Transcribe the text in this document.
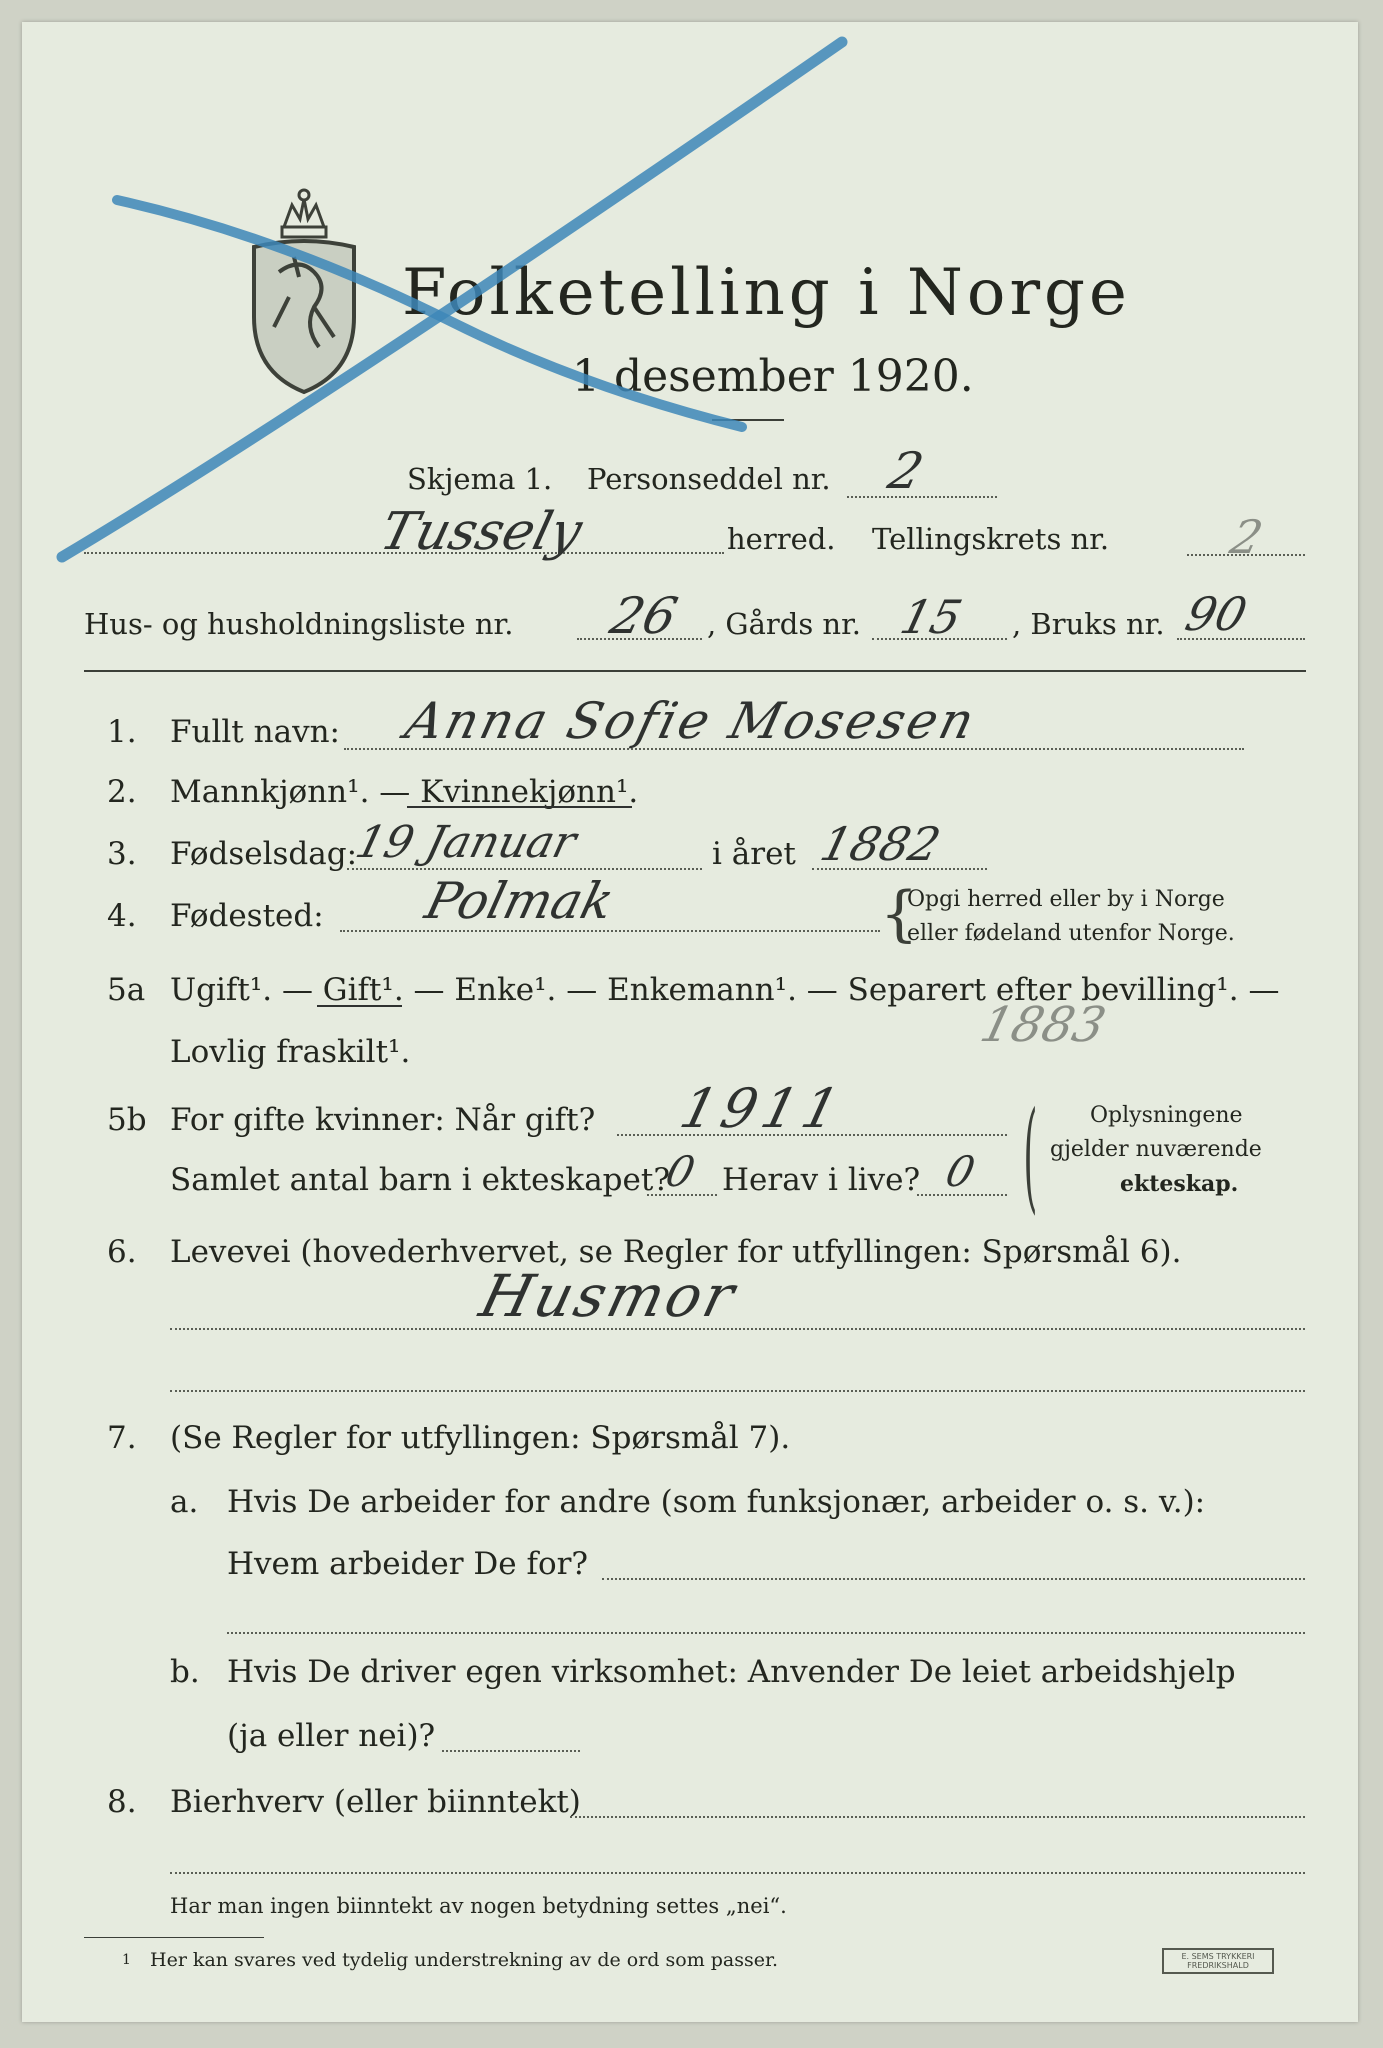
Folketelling i Norge
1 desember 1920.
Skjema 1. Personseddel nr. 2
Tussely	herred. Tellingskrets nr.	2
Hus- og husholdningsliste nr. 26 , Gårds nr. 15 , Bruks nr. 90
1.	Fullt navn: Anna Sofie Mosesen
2.	Mannkjønn¹. — Kvinnekjønn¹.
3.	Fødselsdag:
19 Januar	i året 1882
4.	Fødested: Polmak	{
Opgi herred eller by i Norge
eller fødeland utenfor Norge.
5a Ugift¹. — Gift¹. — Enke¹. — Enkemann¹. — Separert efter bevilling¹. —
Lovlig fraskilt¹.	1883
5b For gifte kvinner: Når gift? 1911
Samlet antal barn i ekteskapet?
0 Herav i live? 0 ( Oplysningene
gjelder nuværende
ekteskap.
6.	Levevei (hovederhvervet, se Regler for utfyllingen: Spørsmål 6).
Husmor
7.	(Se Regler for utfyllingen: Spørsmål 7).
a. Hvis De arbeider for andre (som funksjonær, arbeider o. s. v.):
Hvem arbeider De for?
b. Hvis De driver egen virksomhet: Anvender De leiet arbeidshjelp
(ja eller nei)?
8.	Bierhverv (eller biinntekt)
Har man ingen biinntekt av nogen betydning settes „nei“.
1 Her kan svares ved tydelig understrekning av de ord som passer.	E. SEMS TRYKKERI
FREDRIKSHALD
